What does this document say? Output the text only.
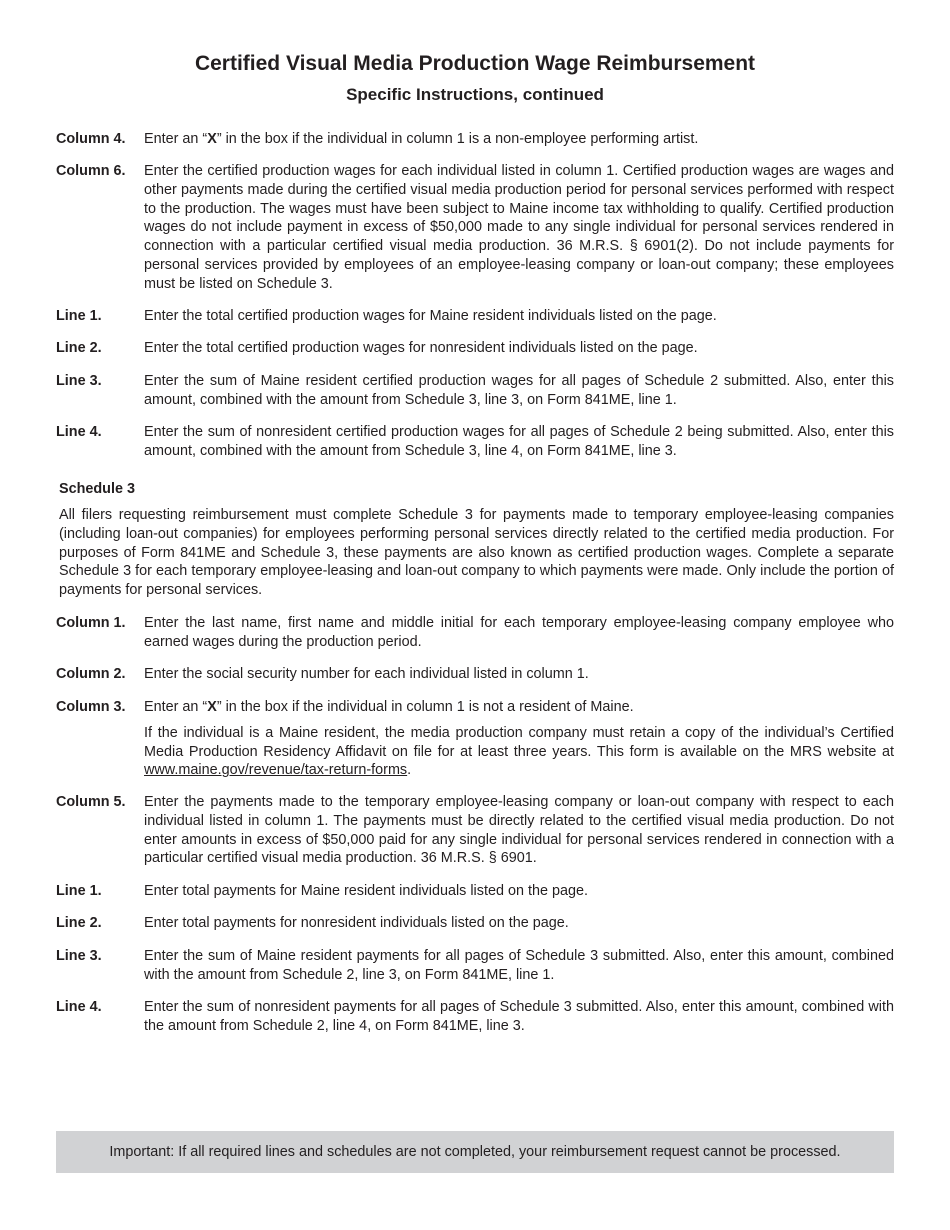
Certified Visual Media Production Wage Reimbursement
Specific Instructions, continued
Column 4. Enter an “X” in the box if the individual in column 1 is a non-employee performing artist.
Column 6. Enter the certified production wages for each individual listed in column 1. Certified production wages are wages and other payments made during the certified visual media production period for personal services performed with respect to the production. The wages must have been subject to Maine income tax withholding to qualify. Certified production wages do not include payment in excess of $50,000 made to any single individual for personal services rendered in connection with a particular certified visual media production. 36 M.R.S. § 6901(2). Do not include payments for personal services provided by employees of an employee-leasing company or loan-out company; these employees must be listed on Schedule 3.
Line 1.	Enter the total certified production wages for Maine resident individuals listed on the page.
Line 2.	Enter the total certified production wages for nonresident individuals listed on the page.
Line 3.	Enter the sum of Maine resident certified production wages for all pages of Schedule 2 submitted. Also, enter this amount, combined with the amount from Schedule 3, line 3, on Form 841ME, line 1.
Line 4.	Enter the sum of nonresident certified production wages for all pages of Schedule 2 being submitted. Also, enter this amount, combined with the amount from Schedule 3, line 4, on Form 841ME, line 3.
Schedule 3
All filers requesting reimbursement must complete Schedule 3 for payments made to temporary employee-leasing companies (including loan-out companies) for employees performing personal services directly related to the certified media production. For purposes of Form 841ME and Schedule 3, these payments are also known as certified production wages. Complete a separate Schedule 3 for each temporary employee-leasing and loan-out company to which payments were made. Only include the portion of payments for personal services.
Column 1. Enter the last name, first name and middle initial for each temporary employee-leasing company employee who earned wages during the production period.
Column 2. Enter the social security number for each individual listed in column 1.
Column 3. Enter an “X” in the box if the individual in column 1 is not a resident of Maine.

If the individual is a Maine resident, the media production company must retain a copy of the individual’s Certified Media Production Residency Affidavit on file for at least three years. This form is available on the MRS website at www.maine.gov/revenue/tax-return-forms.

Column 5. Enter the payments made to the temporary employee-leasing company or loan-out company with respect to each individual listed in column 1. The payments must be directly related to the certified visual media production. Do not enter amounts in excess of $50,000 paid for any single individual for personal services rendered in connection with a particular certified visual media production. 36 M.R.S. § 6901.
Line 1.	Enter total payments for Maine resident individuals listed on the page.
Line 2.	Enter total payments for nonresident individuals listed on the page.
Line 3.	Enter the sum of Maine resident payments for all pages of Schedule 3 submitted. Also, enter this amount, combined with the amount from Schedule 2, line 3, on Form 841ME, line 1.
Line 4.	Enter the sum of nonresident payments for all pages of Schedule 3 submitted. Also, enter this amount, combined with the amount from Schedule 2, line 4, on Form 841ME, line 3.
Important: If all required lines and schedules are not completed, your reimbursement request cannot be processed.
